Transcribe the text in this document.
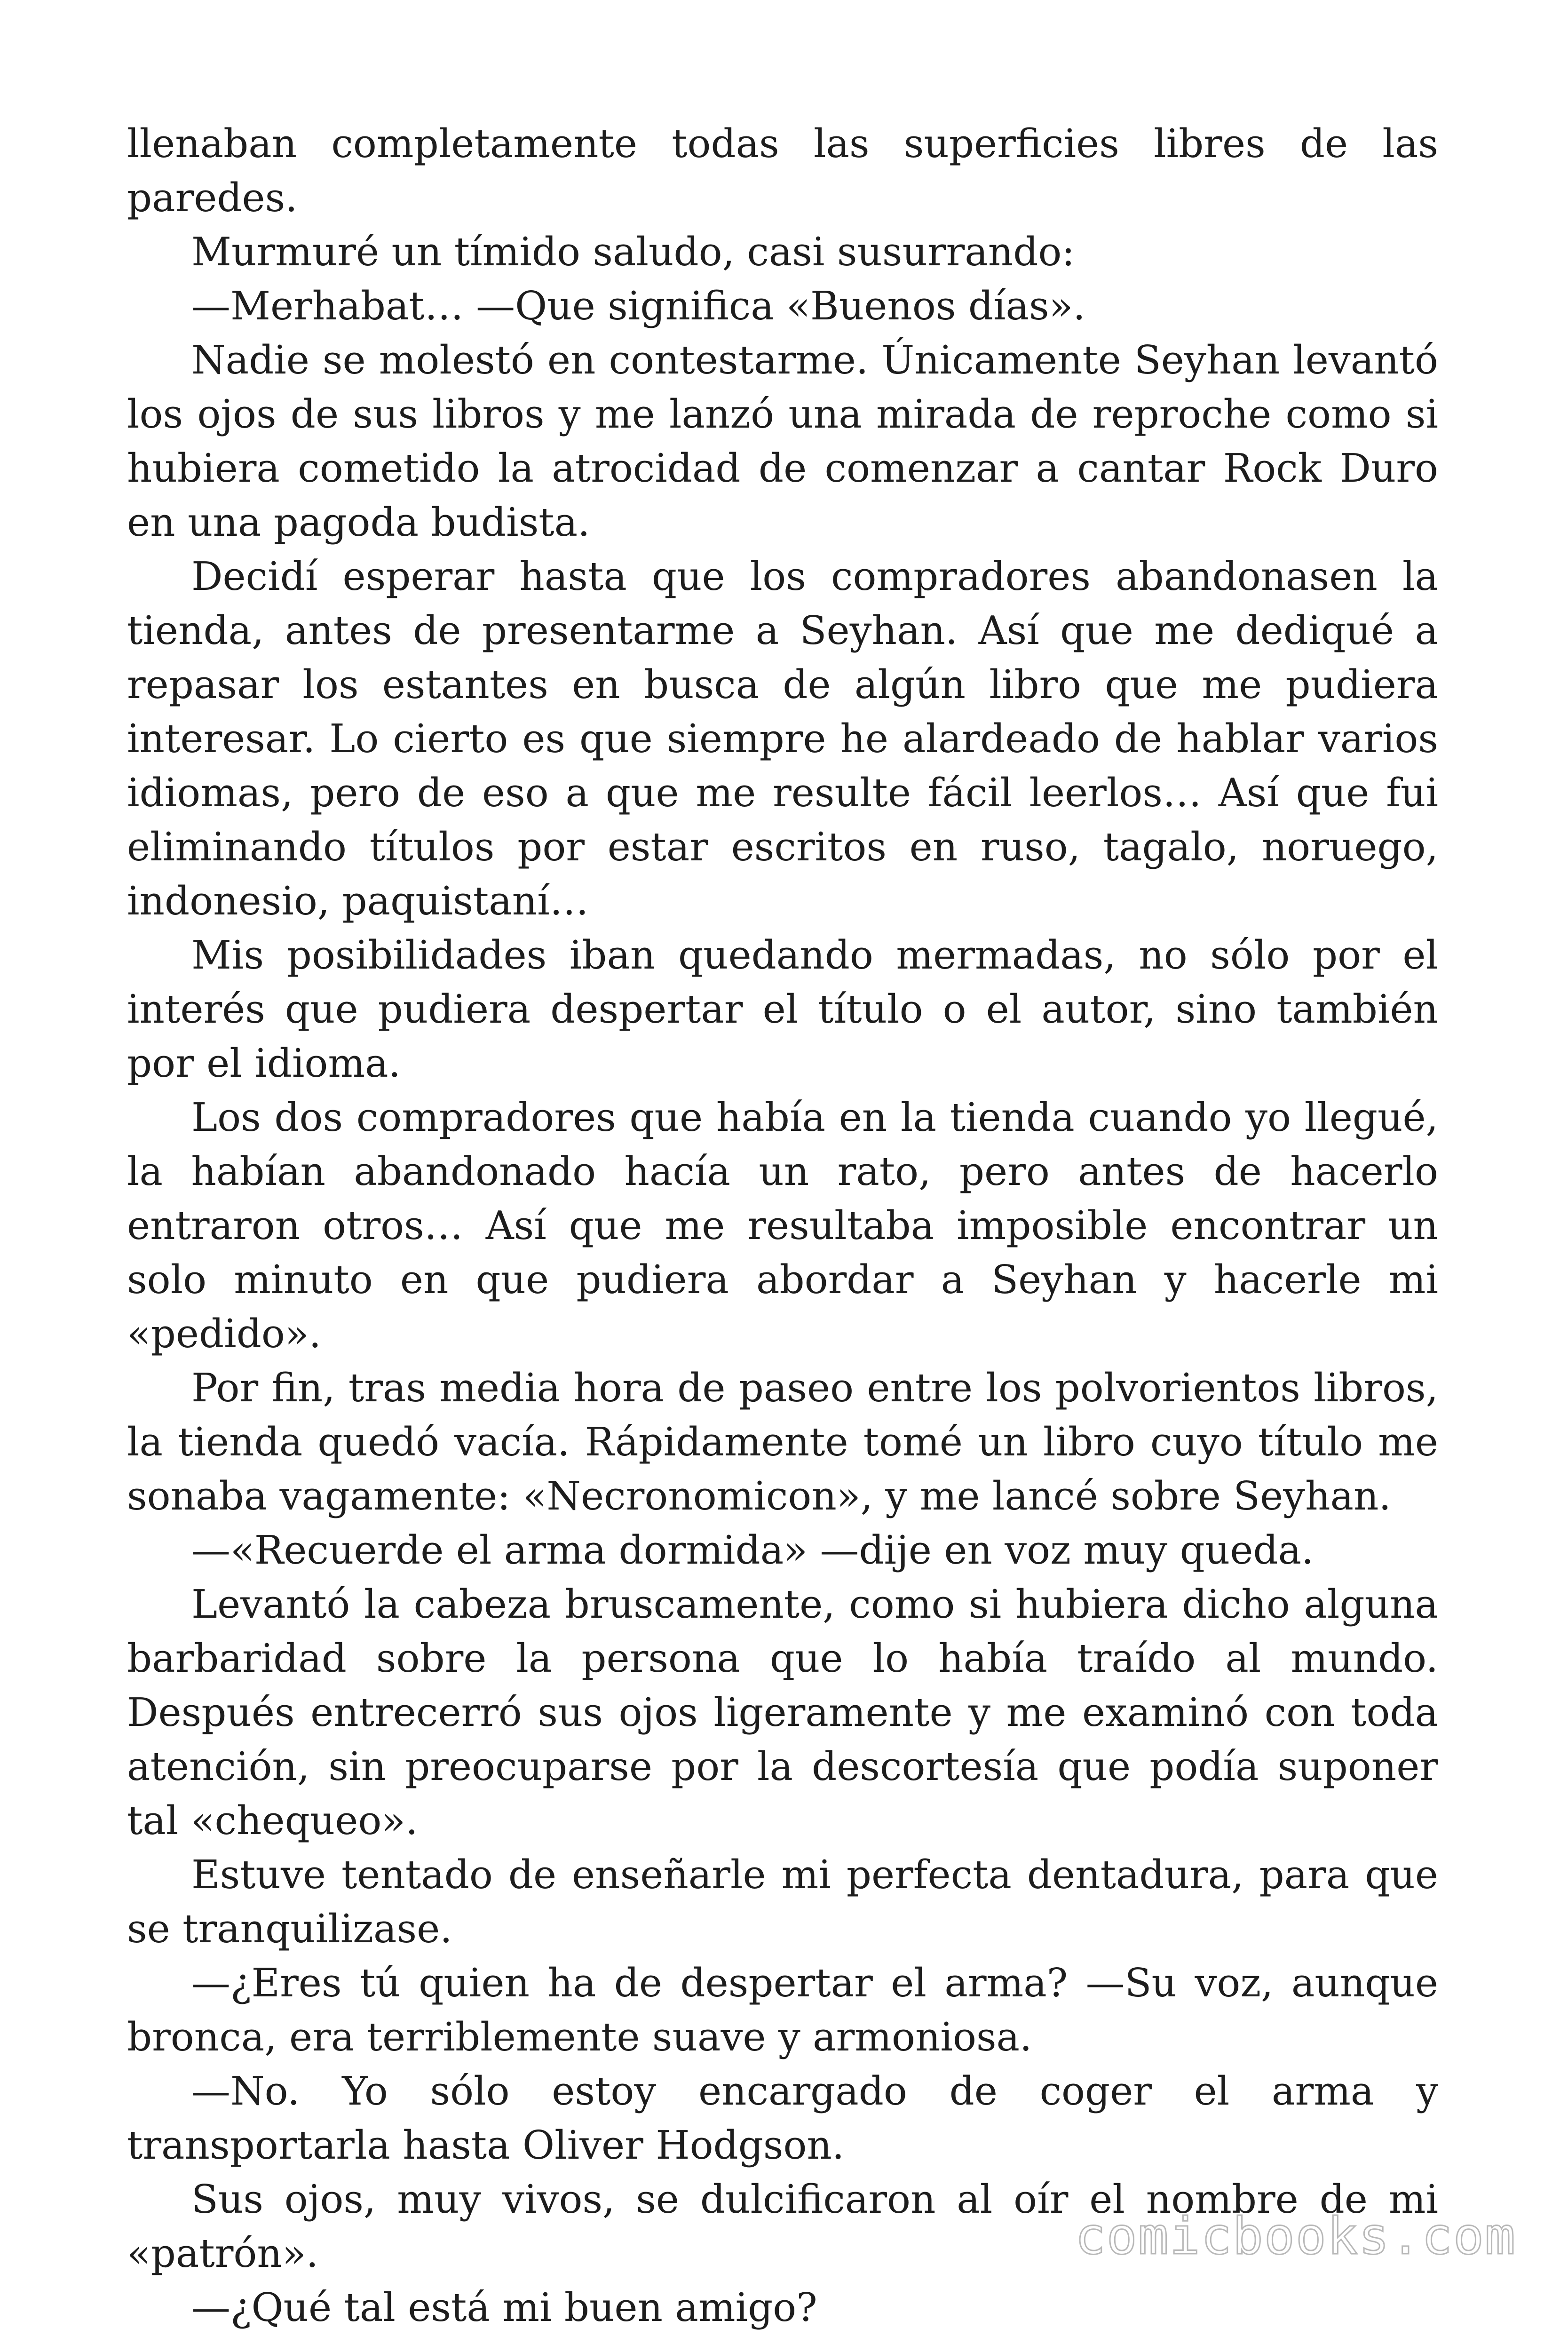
llenaban completamente todas las superficies libres de las paredes.

Murmuré un tímido saludo, casi susurrando:

—Merhabat… —Que significa «Buenos días».

Nadie se molestó en contestarme. Únicamente Seyhan levantó los ojos de sus libros y me lanzó una mirada de reproche como si hubiera cometido la atrocidad de comenzar a cantar Rock Duro en una pagoda budista.

Decidí esperar hasta que los compradores abandonasen la tienda, antes de presentarme a Seyhan. Así que me dediqué a repasar los estantes en busca de algún libro que me pudiera interesar. Lo cierto es que siempre he alardeado de hablar varios idiomas, pero de eso a que me resulte fácil leerlos… Así que fui eliminando títulos por estar escritos en ruso, tagalo, noruego, indonesio, paquistaní…

Mis posibilidades iban quedando mermadas, no sólo por el interés que pudiera despertar el título o el autor, sino también por el idioma.

Los dos compradores que había en la tienda cuando yo llegué, la habían abandonado hacía un rato, pero antes de hacerlo entraron otros… Así que me resultaba imposible encontrar un solo minuto en que pudiera abordar a Seyhan y hacerle mi «pedido».

Por fin, tras media hora de paseo entre los polvorientos libros, la tienda quedó vacía. Rápidamente tomé un libro cuyo título me sonaba vagamente: «Necronomicon», y me lancé sobre Seyhan.

—«Recuerde el arma dormida» —dije en voz muy queda.

Levantó la cabeza bruscamente, como si hubiera dicho alguna barbaridad sobre la persona que lo había traído al mundo. Después entrecerró sus ojos ligeramente y me examinó con toda atención, sin preocuparse por la descortesía que podía suponer tal «chequeo».

Estuve tentado de enseñarle mi perfecta dentadura, para que se tranquilizase.

—¿Eres tú quien ha de despertar el arma? —Su voz, aunque bronca, era terriblemente suave y armoniosa.

—No. Yo sólo estoy encargado de coger el arma y transportarla hasta Oliver Hodgson.

Sus ojos, muy vivos, se dulcificaron al oír el nombre de mi «patrón».

—¿Qué tal está mi buen amigo?

comicbooks.com
